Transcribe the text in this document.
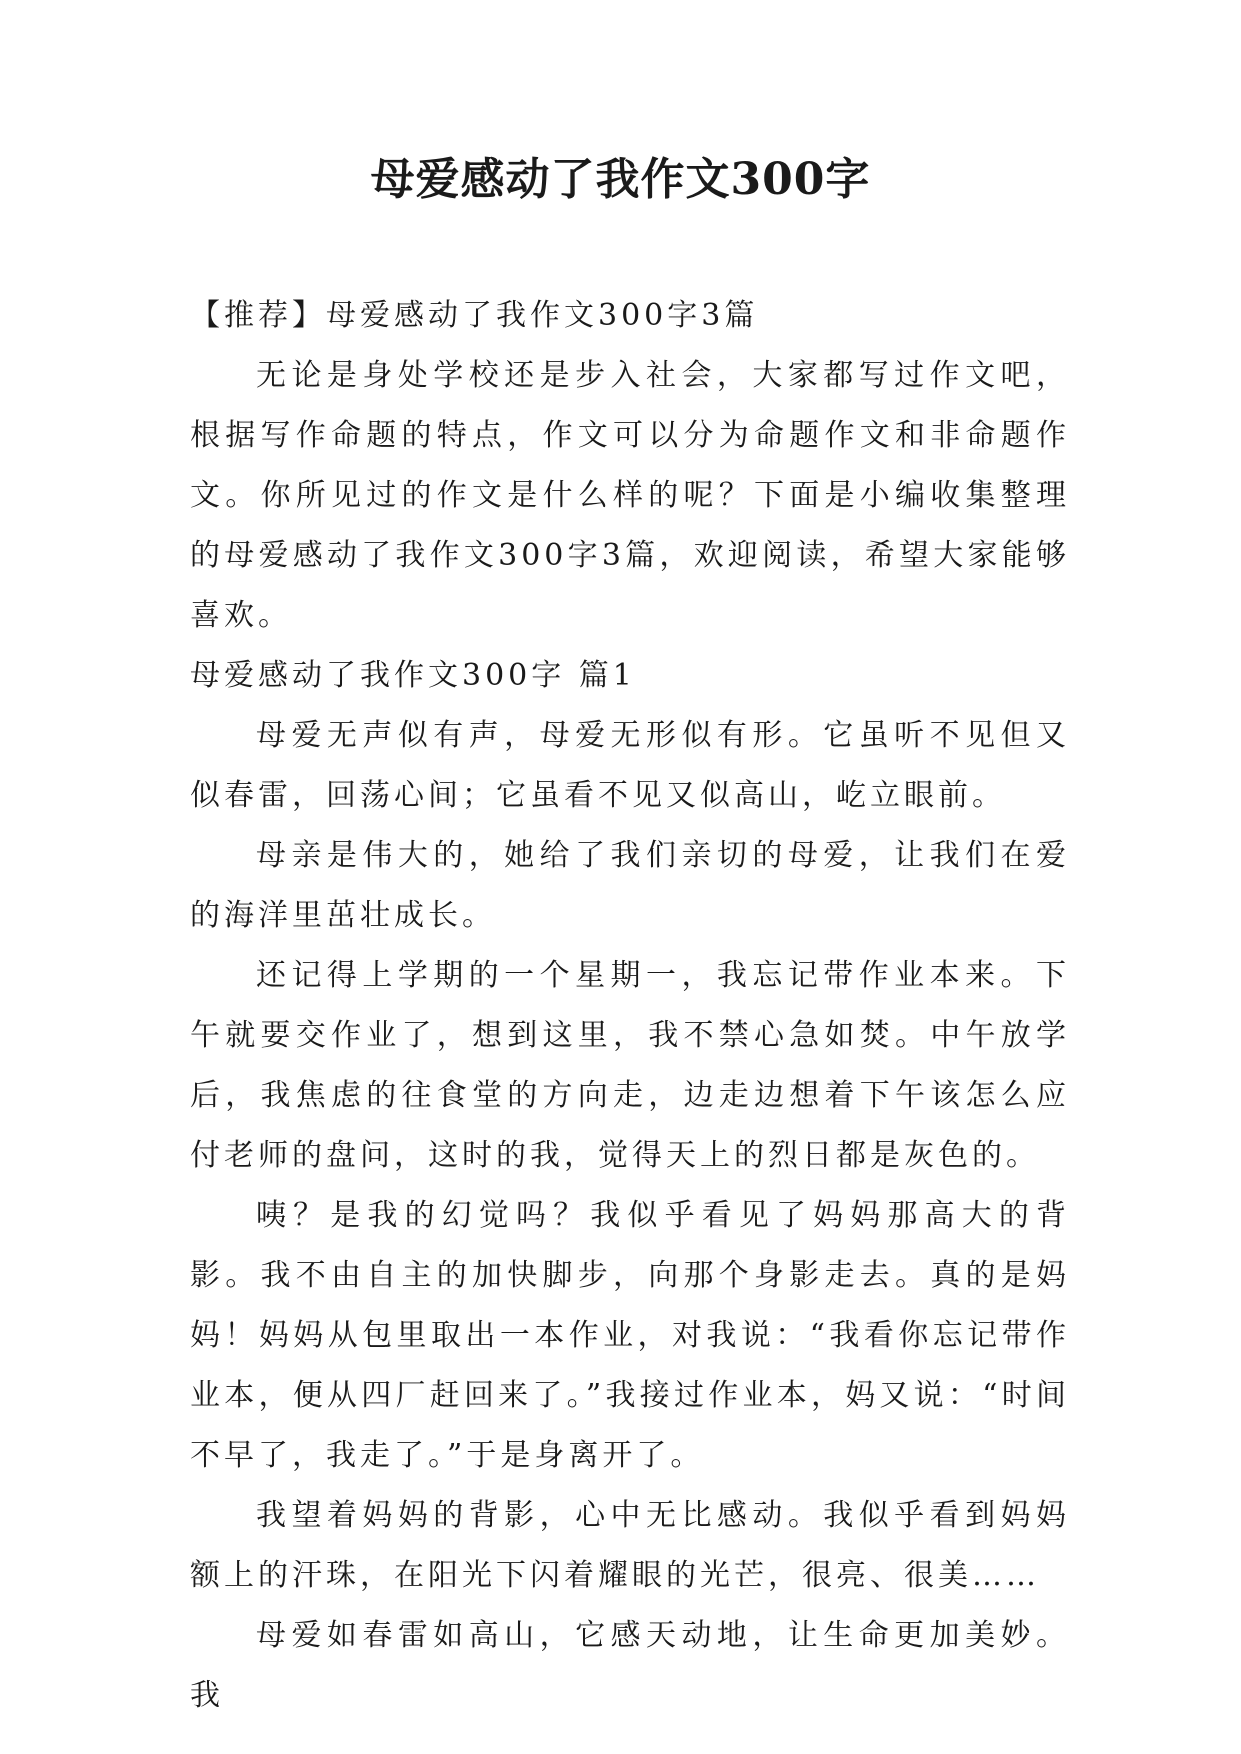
母爱感动了我作文300字

【推荐】母爱感动了我作文300字3篇

无论是身处学校还是步入社会，大家都写过作文吧，根据写作命题的特点，作文可以分为命题作文和非命题作文。你所见过的作文是什么样的呢？下面是小编收集整理的母爱感动了我作文300字3篇，欢迎阅读，希望大家能够喜欢。

母爱感动了我作文300字 篇1

母爱无声似有声，母爱无形似有形。它虽听不见但又似春雷，回荡心间；它虽看不见又似高山，屹立眼前。

母亲是伟大的，她给了我们亲切的母爱，让我们在爱的海洋里茁壮成长。

还记得上学期的一个星期一，我忘记带作业本来。下午就要交作业了，想到这里，我不禁心急如焚。中午放学后，我焦虑的往食堂的方向走，边走边想着下午该怎么应付老师的盘问，这时的我，觉得天上的烈日都是灰色的。

咦？是我的幻觉吗？我似乎看见了妈妈那高大的背影。我不由自主的加快脚步，向那个身影走去。真的是妈妈！妈妈从包里取出一本作业，对我说：“我看你忘记带作业本，便从四厂赶回来了。”我接过作业本，妈又说：“时间不早了，我走了。”于是身离开了。

我望着妈妈的背影，心中无比感动。我似乎看到妈妈额上的汗珠，在阳光下闪着耀眼的光芒，很亮、很美……

母爱如春雷如高山，它感天动地，让生命更加美妙。我
